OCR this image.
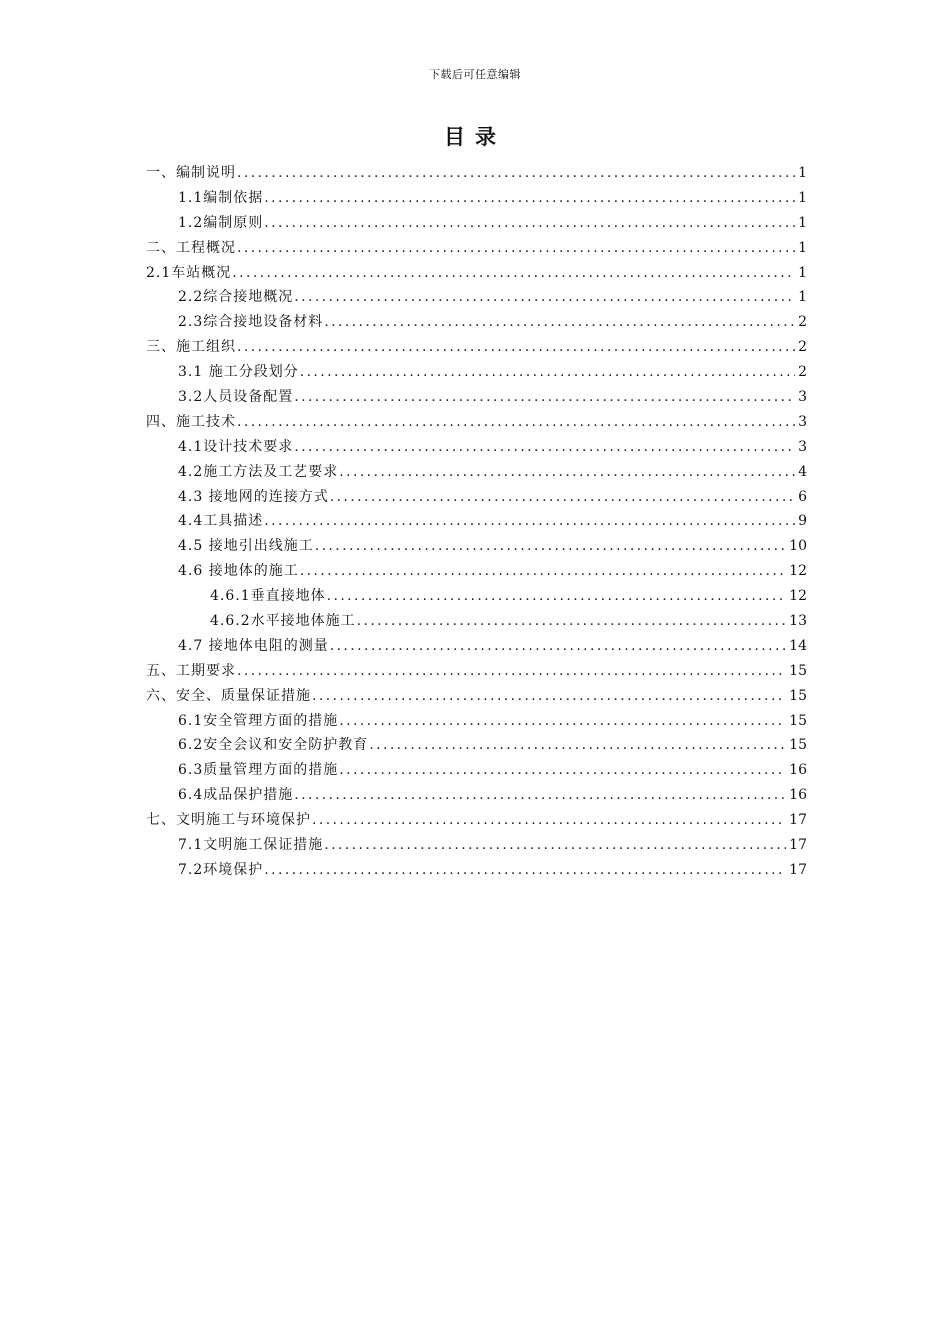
下载后可任意编辑
目录
一、编制说明 .....	1
1.1编制依据 .....	1
1.2编制原则 .....	1
二、工程概况 .....	1
2.1车站概况 .....	1
2.2综合接地概况 .....	1
2.3综合接地设备材料 .....	2
三、施工组织 .....	2
3.1 施工分段划分 .....	2
3.2人员设备配置 .....	3
四、施工技术 .....	3
4.1设计技术要求 .....	3
4.2施工方法及工艺要求 .....	4
4.3 接地网的连接方式 .....	6
4.4工具描述 .....	9
4.5 接地引出线施工 .....	10
4.6 接地体的施工 .....	12
4.6.1垂直接地体 .....	12
4.6.2水平接地体施工 .....	13
4.7 接地体电阻的测量 .....	14
五、工期要求 .....	15
六、安全、质量保证措施 .....	15
6.1安全管理方面的措施 .....	15
6.2安全会议和安全防护教育 .....	15
6.3质量管理方面的措施 .....	16
6.4成品保护措施 .....	16
七、文明施工与环境保护 .....	17
7.1文明施工保证措施 .....	17
7.2环境保护 .....	17
